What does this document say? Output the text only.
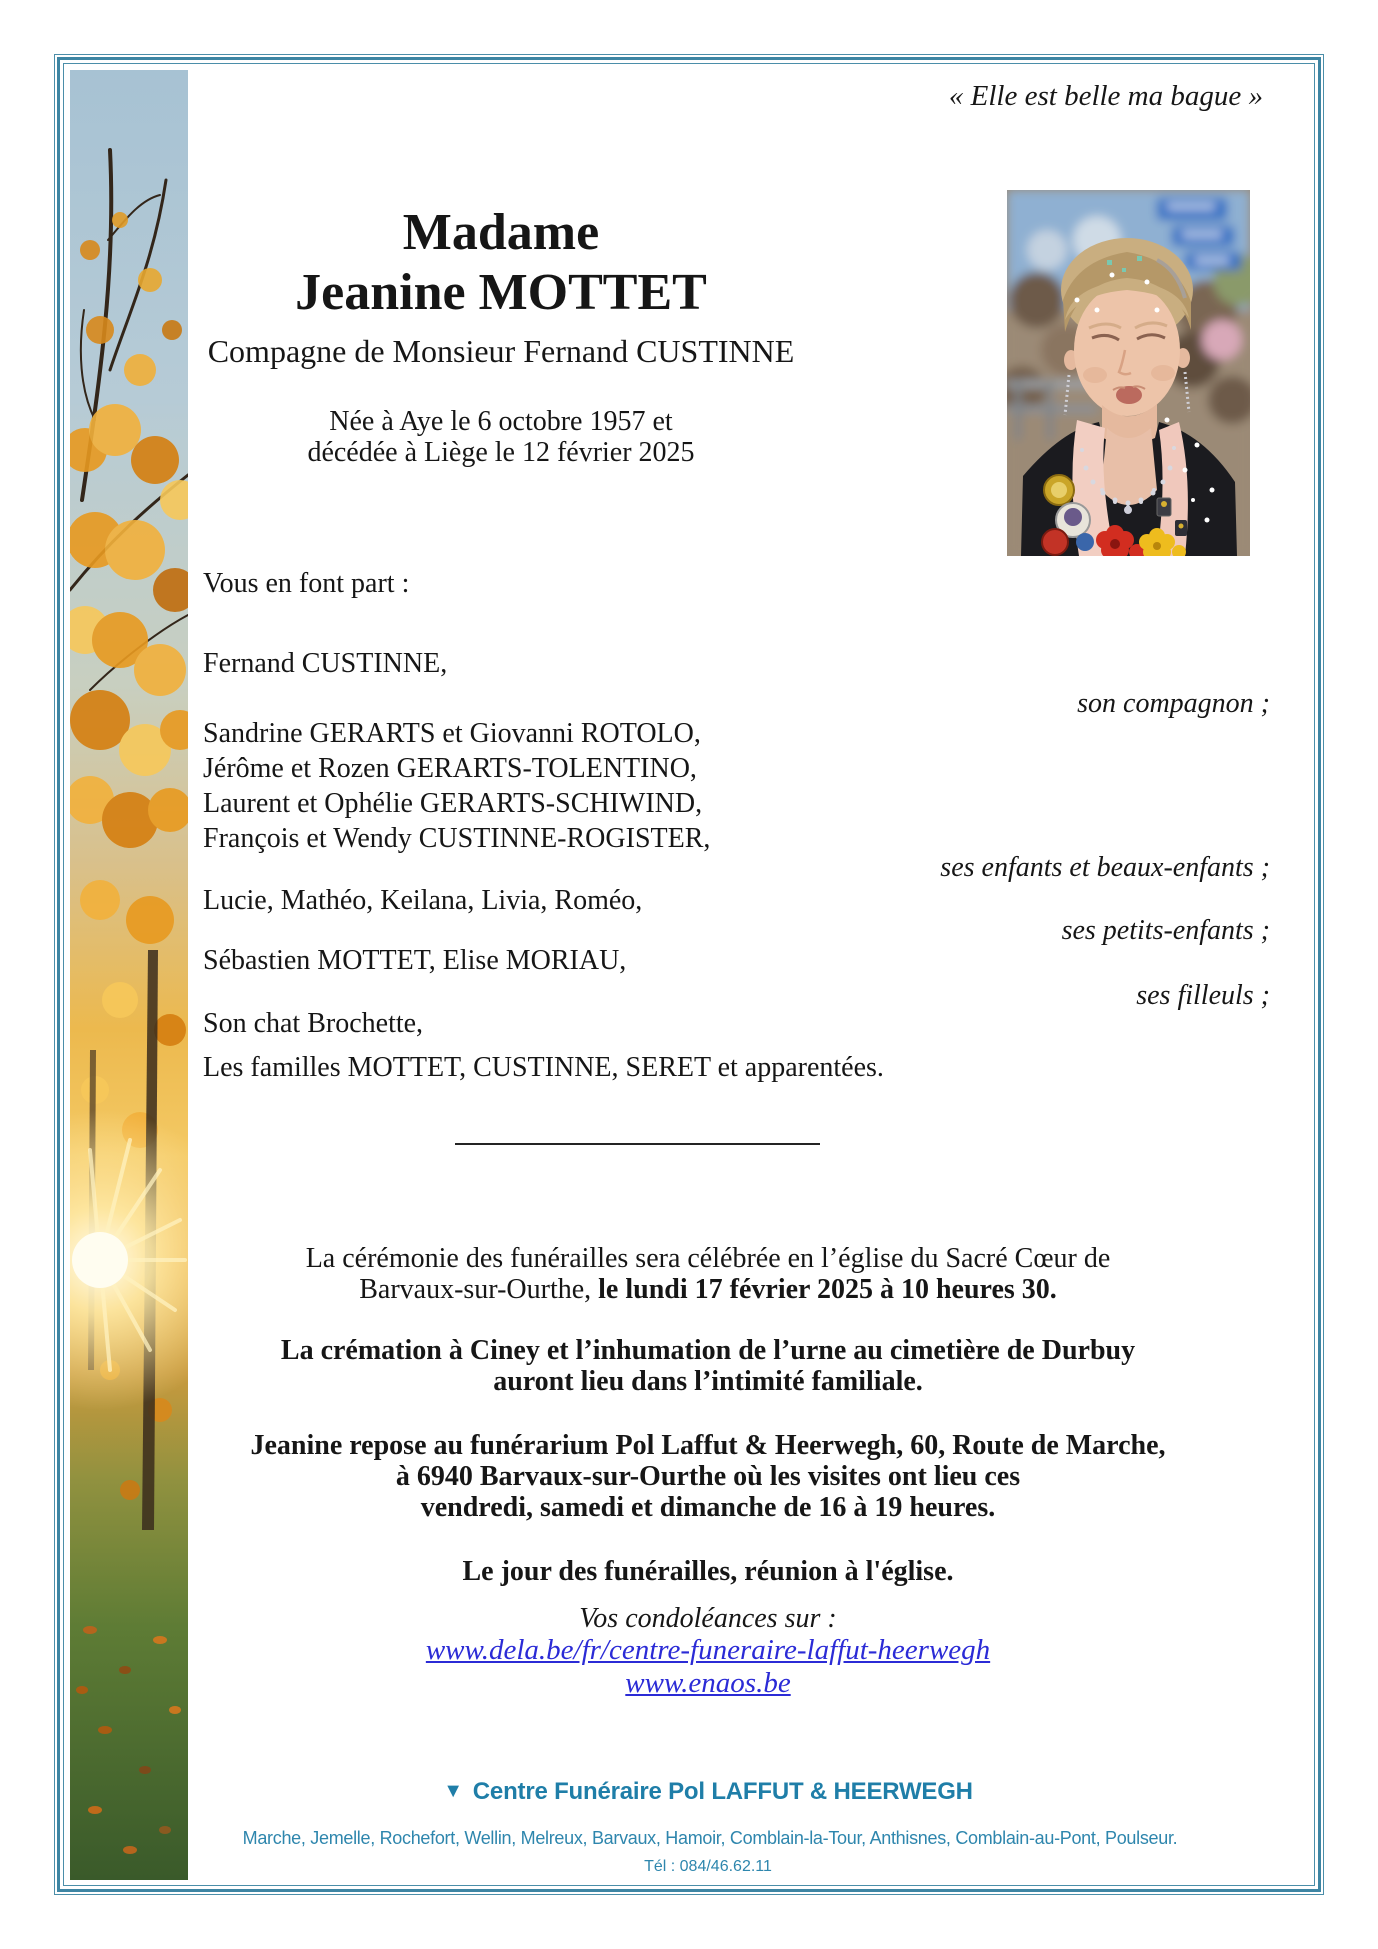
« Elle est belle ma bague »
Madame
Jeanine MOTTET
Compagne de Monsieur Fernand CUSTINNE
Née à Aye le 6 octobre 1957 et
décédée à Liège le 12 février 2025
Vous en font part :
Fernand CUSTINNE,
son compagnon ;
Sandrine GERARTS et Giovanni ROTOLO,
Jérôme et Rozen GERARTS-TOLENTINO,
Laurent et Ophélie GERARTS-SCHIWIND,
François et Wendy CUSTINNE-ROGISTER,
ses enfants et beaux-enfants ;
Lucie, Mathéo, Keilana, Livia, Roméo,
ses petits-enfants ;
Sébastien MOTTET, Elise MORIAU,
ses filleuls ;
Son chat Brochette,
Les familles MOTTET, CUSTINNE, SERET et apparentées.
La cérémonie des funérailles sera célébrée en l’église du Sacré Cœur de
Barvaux-sur-Ourthe, le lundi 17 février 2025 à 10 heures 30.
La crémation à Ciney et l’inhumation de l’urne au cimetière de Durbuy
auront lieu dans l’intimité familiale.
Jeanine repose au funérarium Pol Laffut & Heerwegh, 60, Route de Marche,
à 6940 Barvaux-sur-Ourthe où les visites ont lieu ces
vendredi, samedi et dimanche de 16 à 19 heures.
Le jour des funérailles, réunion à l'église.
Vos condoléances sur :
www.dela.be/fr/centre-funeraire-laffut-heerwegh
www.enaos.be
▼ Centre Funéraire Pol LAFFUT & HEERWEGH
Marche, Jemelle, Rochefort, Wellin, Melreux, Barvaux, Hamoir, Comblain-la-Tour, Anthisnes, Comblain-au-Pont, Poulseur.
Tél : 084/46.62.11
